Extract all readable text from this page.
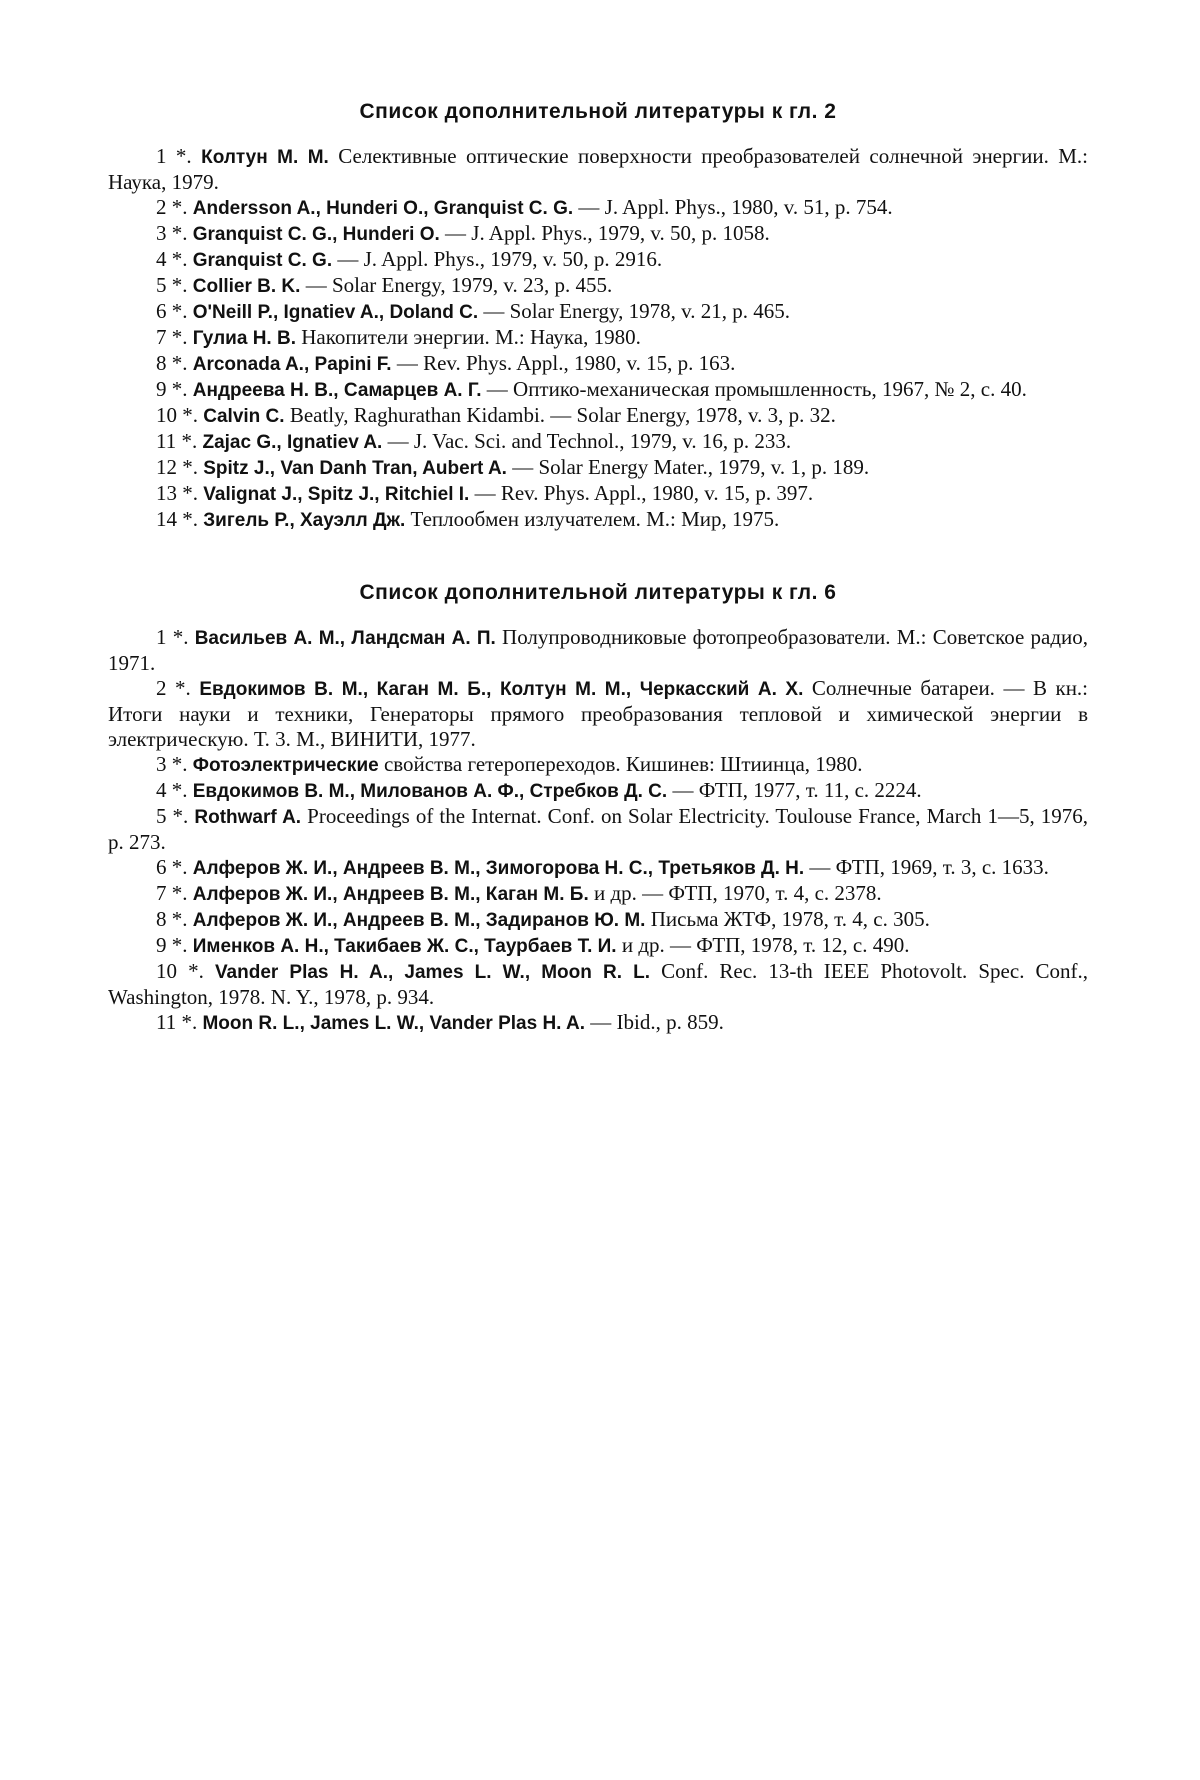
Список дополнительной литературы к гл. 2

1 *. Колтун М. М. Селективные оптические поверхности преобразователей солнечной энергии. М.: Наука, 1979.

2 *. Andersson A., Hunderi O., Granquist C. G. — J. Appl. Phys., 1980, v. 51, p. 754.

3 *. Granquist C. G., Hunderi O. — J. Appl. Phys., 1979, v. 50, p. 1058.

4 *. Granquist C. G. — J. Appl. Phys., 1979, v. 50, p. 2916.

5 *. Collier B. K. — Solar Energy, 1979, v. 23, p. 455.

6 *. O'Neill P., Ignatiev A., Doland C. — Solar Energy, 1978, v. 21, p. 465.

7 *. Гулиа Н. В. Накопители энергии. М.: Наука, 1980.

8 *. Arconada A., Papini F. — Rev. Phys. Appl., 1980, v. 15, p. 163.

9 *. Андреева Н. В., Самарцев А. Г. — Оптико-механическая промышленность, 1967, № 2, с. 40.

10 *. Calvin C. Beatly, Raghurathan Kidambi. — Solar Energy, 1978, v. 3, p. 32.

11 *. Zajac G., Ignatiev A. — J. Vac. Sci. and Technol., 1979, v. 16, p. 233.

12 *. Spitz J., Van Danh Tran, Aubert A. — Solar Energy Mater., 1979, v. 1, p. 189.

13 *. Valignat J., Spitz J., Ritchiel I. — Rev. Phys. Appl., 1980, v. 15, p. 397.

14 *. Зигель Р., Хауэлл Дж. Теплообмен излучателем. М.: Мир, 1975.

Список дополнительной литературы к гл. 6

1 *. Васильев А. М., Ландсман А. П. Полупроводниковые фотопреобразователи. М.: Советское радио, 1971.

2 *. Евдокимов В. М., Каган М. Б., Колтун М. М., Черкасский А. Х. Солнечные батареи. — В кн.: Итоги науки и техники, Генераторы прямого преобразования тепловой и химической энергии в электрическую. Т. 3. М., ВИНИТИ, 1977.

3 *. Фотоэлектрические свойства гетеропереходов. Кишинев: Штиинца, 1980.

4 *. Евдокимов В. М., Милованов А. Ф., Стребков Д. С. — ФТП, 1977, т. 11, с. 2224.

5 *. Rothwarf A. Proceedings of the Internat. Conf. on Solar Electricity. Toulouse France, March 1—5, 1976, p. 273.

6 *. Алферов Ж. И., Андреев В. М., Зимогорова Н. С., Третьяков Д. Н. — ФТП, 1969, т. 3, с. 1633.

7 *. Алферов Ж. И., Андреев В. М., Каган М. Б. и др. — ФТП, 1970, т. 4, с. 2378.

8 *. Алферов Ж. И., Андреев В. М., Задиранов Ю. М. Письма ЖТФ, 1978, т. 4, с. 305.

9 *. Именков А. Н., Такибаев Ж. С., Таурбаев Т. И. и др. — ФТП, 1978, т. 12, с. 490.

10 *. Vander Plas H. A., James L. W., Moon R. L. Conf. Rec. 13-th IEEE Photovolt. Spec. Conf., Washington, 1978. N. Y., 1978, p. 934.

11 *. Moon R. L., James L. W., Vander Plas H. A. — Ibid., p. 859.
